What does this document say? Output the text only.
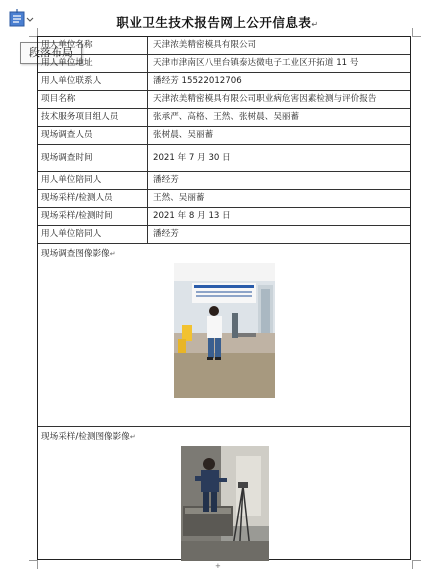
段落布局
职业卫生技术报告网上公开信息表↵
用人单位名称	天津浓美精密模具有限公司
用人单位地址	天津市津南区八里台镇泰达微电子工业区开拓道 11 号
用人单位联系人	潘经芳 15522012706
项目名称	天津浓美精密模具有限公司职业病危害因素检测与评价报告
技术服务项目组人员	张承严、高格、王然、张树晨、吴丽蓄
现场调查人员	张树晨、吴丽蓄
现场调查时间	2021 年 7 月 30 日
用人单位陪同人	潘经芳
现场采样/检测人员	王然、吴丽蓄
现场采样/检测时间	2021 年 8 月 13 日
用人单位陪同人	潘经芳
现场调查图像影像↵
现场采样/检测图像影像↵
+
